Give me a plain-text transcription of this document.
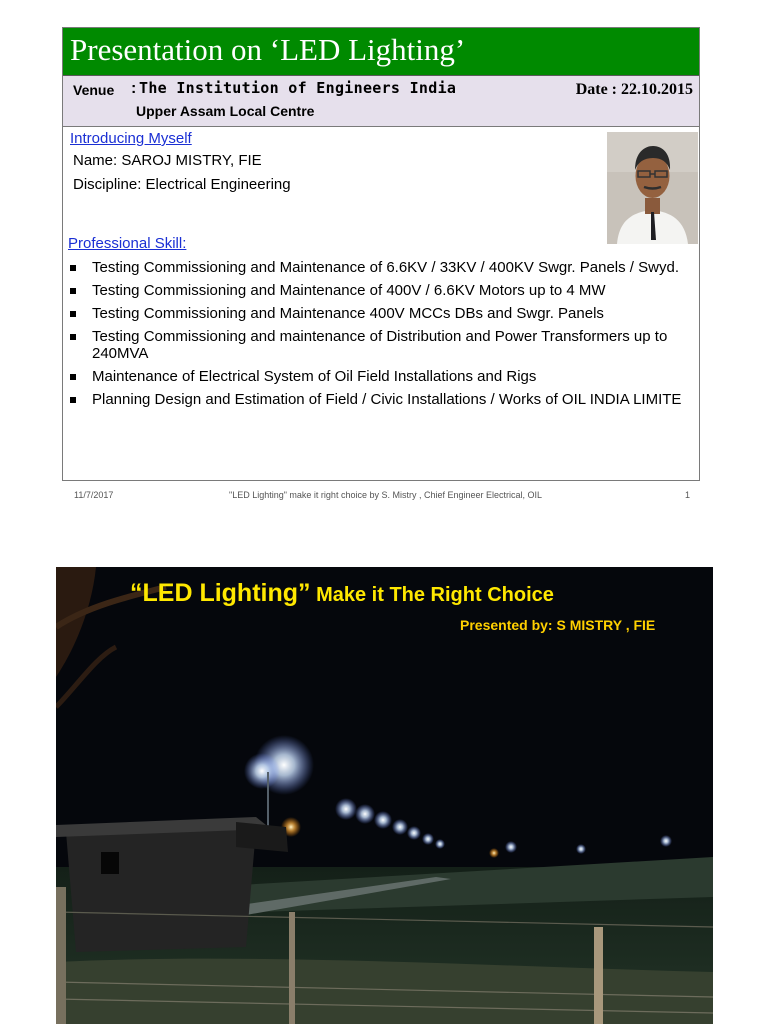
Presentation on ‘LED Lighting’
Venue : The Institution of Engineers India
Upper Assam Local Centre
Date : 22.10.2015
Introducing Myself
Name: SAROJ MISTRY, FIE
Discipline: Electrical Engineering
Professional Skill:
Testing Commissioning and Maintenance of 6.6KV / 33KV / 400KV Swgr. Panels / Swyd.
Testing Commissioning and Maintenance of 400V / 6.6KV Motors up to 4 MW
Testing Commissioning and Maintenance 400V MCCs DBs and Swgr. Panels
Testing Commissioning and maintenance of Distribution and Power Transformers up to 240MVA
Maintenance of Electrical System of Oil Field Installations and Rigs
Planning Design and Estimation of Field / Civic Installations / Works of OIL INDIA LIMITE
11/7/2017	"LED Lighting" make it right choice by S. Mistry , Chief Engineer Electrical, OIL	1
“LED Lighting” Make it The Right Choice
Presented by: S MISTRY , FIE
